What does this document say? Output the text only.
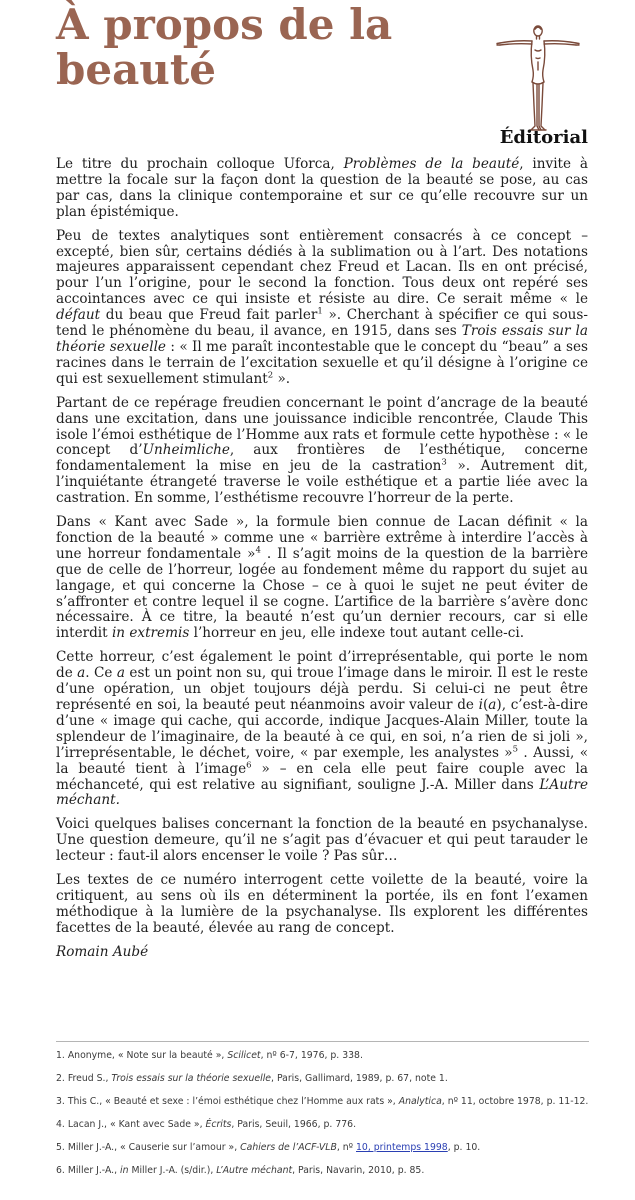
À propos de la beauté
Éditorial

Le titre du prochain colloque Uforca, Problèmes de la beauté, invite à mettre la focale sur la façon dont la question de la beauté se pose, au cas par cas, dans la clinique contemporaine et sur ce qu’elle recouvre sur un plan épistémique.

Peu de textes analytiques sont entièrement consacrés à ce concept – excepté, bien sûr, certains dédiés à la sublimation ou à l’art. Des notations majeures apparaissent cependant chez Freud et Lacan. Ils en ont précisé, pour l’un l’origine, pour le second la fonction. Tous deux ont repéré ses accointances avec ce qui insiste et résiste au dire. Ce serait même « le défaut du beau que Freud fait parler$^1$ ». Cherchant à spécifier ce qui sous-tend le phénomène du beau, il avance, en 1915, dans ses Trois essais sur la théorie sexuelle : « Il me paraît incontestable que le concept du “beau” a ses racines dans le terrain de l’excitation sexuelle et qu’il désigne à l’origine ce qui est sexuellement stimulant$^2$ ».

Partant de ce repérage freudien concernant le point d’ancrage de la beauté dans une excitation, dans une jouissance indicible rencontrée, Claude This isole l’émoi esthétique de l’Homme aux rats et formule cette hypothèse : « le concept d’Unheimliche, aux frontières de l’esthétique, concerne fondamentalement la mise en jeu de la castration$^3$ ». Autrement dit, l’inquiétante étrangeté traverse le voile esthétique et a partie liée avec la castration. En somme, l’esthétisme recouvre l’horreur de la perte.

Dans « Kant avec Sade », la formule bien connue de Lacan définit « la fonction de la beauté » comme une « barrière extrême à interdire l’accès à une horreur fondamentale »$^4$ . Il s’agit moins de la question de la barrière que de celle de l’horreur, logée au fondement même du rapport du sujet au langage, et qui concerne la Chose – ce à quoi le sujet ne peut éviter de s’affronter et contre lequel il se cogne. L’artifice de la barrière s’avère donc nécessaire. À ce titre, la beauté n’est qu’un dernier recours, car si elle interdit in extremis l’horreur en jeu, elle indexe tout autant celle-ci.

Cette horreur, c’est également le point d’irreprésentable, qui porte le nom de a. Ce a est un point non su, qui troue l’image dans le miroir. Il est le reste d’une opération, un objet toujours déjà perdu. Si celui-ci ne peut être représenté en soi, la beauté peut néanmoins avoir valeur de i(a), c’est-à-dire d’une « image qui cache, qui accorde, indique Jacques-Alain Miller, toute la splendeur de l’imaginaire, de la beauté à ce qui, en soi, n’a rien de si joli », l’irreprésentable, le déchet, voire, « par exemple, les analystes »$^5$ . Aussi, « la beauté tient à l’image$^6$ » – en cela elle peut faire couple avec la méchanceté, qui est relative au signifiant, souligne J.-A. Miller dans L’Autre méchant.

Voici quelques balises concernant la fonction de la beauté en psychanalyse. Une question demeure, qu’il ne s’agit pas d’évacuer et qui peut tarauder le lecteur : faut-il alors encenser le voile ? Pas sûr…

Les textes de ce numéro interrogent cette voilette de la beauté, voire la critiquent, au sens où ils en déterminent la portée, ils en font l’examen méthodique à la lumière de la psychanalyse. Ils explorent les différentes facettes de la beauté, élevée au rang de concept.

Romain Aubé

1. Anonyme, « Note sur la beauté », Scilicet, nº 6-7, 1976, p. 338.

2. Freud S., Trois essais sur la théorie sexuelle, Paris, Gallimard, 1989, p. 67, note 1.

3. This C., « Beauté et sexe : l’émoi esthétique chez l’Homme aux rats », Analytica, nº 11, octobre 1978, p. 11-12.

4. Lacan J., « Kant avec Sade », Écrits, Paris, Seuil, 1966, p. 776.

5. Miller J.-A., « Causerie sur l’amour », Cahiers de l’ACF-VLB, nº 10, printemps 1998, p. 10.

6. Miller J.-A., in Miller J.-A. (s/dir.), L’Autre méchant, Paris, Navarin, 2010, p. 85.
